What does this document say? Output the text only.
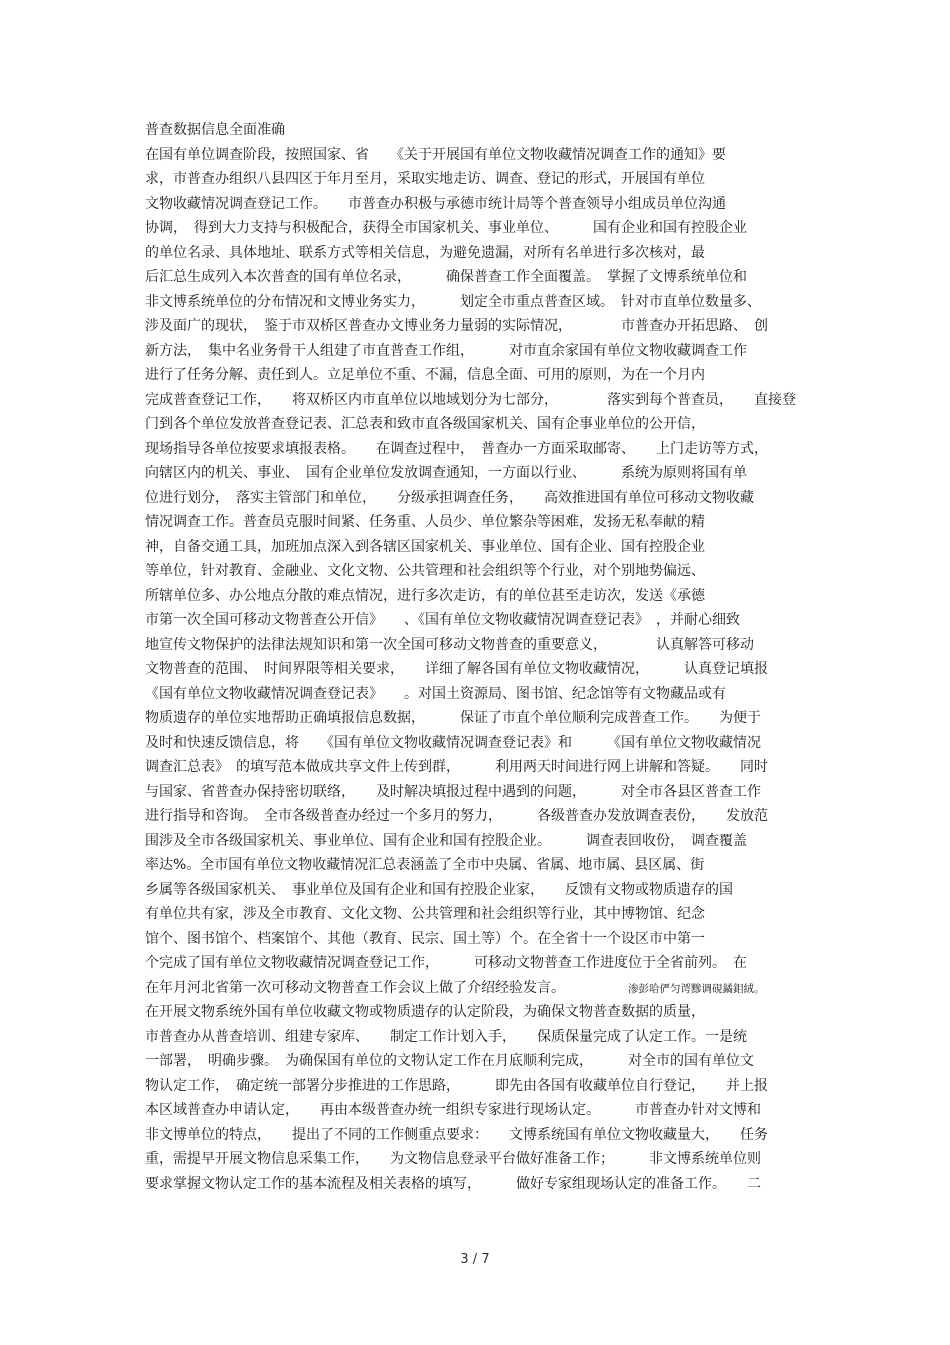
普查数据信息全面准确
在国有单位调查阶段，按照国家、省　　《关于开展国有单位文物收藏情况调查工作的通知》要
求，市普查办组织八县四区于年月至月，采取实地走访、调查、登记的形式，开展国有单位
文物收藏情况调查登记工作。　　市普查办积极与承德市统计局等个普查领导小组成员单位沟通
协调，　得到大力支持与积极配合，获得全市国家机关、事业单位、　　　国有企业和国有控股企业
的单位名录、具体地址、联系方式等相关信息，为避免遗漏，对所有名单进行多次核对，最
后汇总生成列入本次普查的国有单位名录，　　　确保普查工作全面覆盖。　掌握了文博系统单位和
非文博系统单位的分布情况和文博业务实力，　　　划定全市重点普查区域。　针对市直单位数量多、
涉及面广的现状，　鉴于市双桥区普查办文博业务力量弱的实际情况，　　　　市普查办开拓思路、　创
新方法，　集中名业务骨干人组建了市直普查工作组，　　　对市直余家国有单位文物收藏调查工作
进行了任务分解、责任到人。立足单位不重、不漏，信息全面、可用的原则，为在一个月内
完成普查登记工作，　　将双桥区内市直单位以地域划分为七部分，　　　　落实到每个普查员，　　直接登
门到各个单位发放普查登记表、汇总表和致市直各级国家机关、国有企事业单位的公开信，
现场指导各单位按要求填报表格。　　在调查过程中，　普查办一方面采取邮寄、　　上门走访等方式，
向辖区内的机关、事业、　国有企业单位发放调查通知，一方面以行业、　　　系统为原则将国有单
位进行划分，　落实主管部门和单位，　　分级承担调查任务，　　高效推进国有单位可移动文物收藏
情况调查工作。普查员克服时间紧、任务重、人员少、单位繁杂等困难，发扬无私奉献的精
神，自备交通工具，加班加点深入到各辖区国家机关、事业单位、国有企业、国有控股企业
等单位，针对教育、金融业、文化文物、公共管理和社会组织等个行业，对个别地势偏远、
所辖单位多、办公地点分散的难点情况，进行多次走访，有的单位甚至走访次，发送《承德
市第一次全国可移动文物普查公开信》　　、《国有单位文物收藏情况调查登记表》　，并耐心细致
地宣传文物保护的法律法规知识和第一次全国可移动文物普查的重要意义，　　　　认真解答可移动
文物普查的范围、　时间界限等相关要求，　　详细了解各国有单位文物收藏情况，　　　认真登记填报
《国有单位文物收藏情况调查登记表》　　。对国土资源局、图书馆、纪念馆等有文物藏品或有
物质遗存的单位实地帮助正确填报信息数据，　　　保证了市直个单位顺利完成普查工作。　　为便于
及时和快速反馈信息，将　　《国有单位文物收藏情况调查登记表》和　　　《国有单位文物收藏情况
调查汇总表》　的填写范本做成共享文件上传到群，　　　利用两天时间进行网上讲解和答疑。　　同时
与国家、省普查办保持密切联络，　　及时解决填报过程中遇到的问题，　　　对全市各县区普查工作
进行指导和咨询。　全市各级普查办经过一个多月的努力，　　　各级普查办发放调查表份，　　发放范
围涉及全市各级国家机关、事业单位、国有企业和国有控股企业。　　　调查表回收份，　调查覆盖
率达%。全市国有单位文物收藏情况汇总表涵盖了全市中央属、省属、地市属、县区属、街
乡属等各级国家机关、　事业单位及国有企业和国有控股企业家，　　反馈有文物或物质遗存的国
有单位共有家，涉及全市教育、文化文物、公共管理和社会组织等行业，其中博物馆、纪念
馆个、图书馆个、档案馆个、其他（教育、民宗、国土等）个。在全省十一个设区市中第一
个完成了国有单位文物收藏情况调查登记工作，　　　可移动文物普查工作进度位于全省前列。　在
在年月河北省第一次可移动文物普查工作会议上做了介绍经验发言。　　　　　渗彭哈俨匀谔黲调硯鐍鉬絨。
在开展文物系统外国有单位收藏文物或物质遗存的认定阶段，为确保文物普查数据的质量，
市普查办从普查培训、组建专家库、　　制定工作计划入手，　　保质保量完成了认定工作。一是统
一部署，　明确步骤。　为确保国有单位的文物认定工作在月底顺利完成，　　　对全市的国有单位文
物认定工作，　确定统一部署分步推进的工作思路，　　　即先由各国有收藏单位自行登记，　　并上报
本区域普查办申请认定，　　再由本级普查办统一组织专家进行现场认定。　　　市普查办针对文博和
非文博单位的特点，　　提出了不同的工作侧重点要求：　　文博系统国有单位文物收藏量大，　　任务
重，需提早开展文物信息采集工作，　　为文物信息登录平台做好准备工作；　　　非文博系统单位则
要求掌握文物认定工作的基本流程及相关表格的填写，　　　做好专家组现场认定的准备工作。　　二
3 / 7
